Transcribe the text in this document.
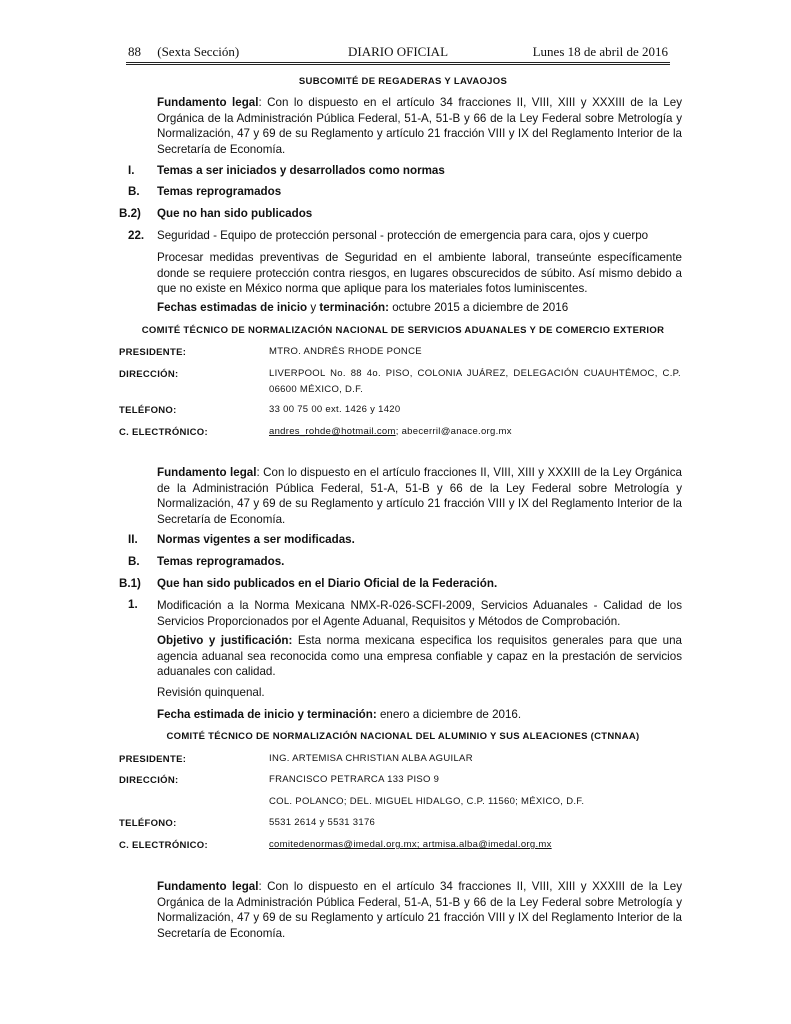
88 (Sexta Sección)	DIARIO OFICIAL	Lunes 18 de abril de 2016
SUBCOMITÉ DE REGADERAS Y LAVAOJOS
Fundamento legal: Con lo dispuesto en el artículo 34 fracciones II, VIII, XIII y XXXIII de la Ley Orgánica de la Administración Pública Federal, 51-A, 51-B y 66 de la Ley Federal sobre Metrología y Normalización, 47 y 69 de su Reglamento y artículo 21 fracción VIII y IX del Reglamento Interior de la Secretaría de Economía.
I. Temas a ser iniciados y desarrollados como normas
B. Temas reprogramados
B.2) Que no han sido publicados
22. Seguridad - Equipo de protección personal - protección de emergencia para cara, ojos y cuerpo
Procesar medidas preventivas de Seguridad en el ambiente laboral, transeúnte específicamente donde se requiere protección contra riesgos, en lugares obscurecidos de súbito. Así mismo debido a que no existe en México norma que aplique para los materiales fotos luminiscentes.
Fechas estimadas de inicio y terminación: octubre 2015 a diciembre de 2016
COMITÉ TÉCNICO DE NORMALIZACIÓN NACIONAL DE SERVICIOS ADUANALES Y DE COMERCIO EXTERIOR
PRESIDENTE:	MTRO. ANDRÉS RHODE PONCE
DIRECCIÓN:	LIVERPOOL No. 88 4o. PISO, COLONIA JUÁREZ, DELEGACIÓN CUAUHTÉMOC, C.P. 06600 MÉXICO, D.F.
TELÉFONO:	33 00 75 00 ext. 1426 y 1420
C. ELECTRÓNICO:	andres_rohde@hotmail.com; abecerril@anace.org.mx
Fundamento legal: Con lo dispuesto en el artículo fracciones II, VIII, XIII y XXXIII de la Ley Orgánica de la Administración Pública Federal, 51-A, 51-B y 66 de la Ley Federal sobre Metrología y Normalización, 47 y 69 de su Reglamento y artículo 21 fracción VIII y IX del Reglamento Interior de la Secretaría de Economía.
II. Normas vigentes a ser modificadas.
B. Temas reprogramados.
B.1) Que han sido publicados en el Diario Oficial de la Federación.
1. Modificación a la Norma Mexicana NMX-R-026-SCFI-2009, Servicios Aduanales - Calidad de los Servicios Proporcionados por el Agente Aduanal, Requisitos y Métodos de Comprobación.
Objetivo y justificación: Esta norma mexicana especifica los requisitos generales para que una agencia aduanal sea reconocida como una empresa confiable y capaz en la prestación de servicios aduanales con calidad.
Revisión quinquenal.
Fecha estimada de inicio y terminación: enero a diciembre de 2016.
COMITÉ TÉCNICO DE NORMALIZACIÓN NACIONAL DEL ALUMINIO Y SUS ALEACIONES (CTNNAA)
PRESIDENTE:	ING. ARTEMISA CHRISTIAN ALBA AGUILAR
DIRECCIÓN:	FRANCISCO PETRARCA 133 PISO 9
COL. POLANCO; DEL. MIGUEL HIDALGO, C.P. 11560; MÉXICO, D.F.
TELÉFONO:	5531 2614 y 5531 3176
C. ELECTRÓNICO:	comitedenormas@imedal.org.mx; artmisa.alba@imedal.org.mx
Fundamento legal: Con lo dispuesto en el artículo 34 fracciones II, VIII, XIII y XXXIII de la Ley Orgánica de la Administración Pública Federal, 51-A, 51-B y 66 de la Ley Federal sobre Metrología y Normalización, 47 y 69 de su Reglamento y artículo 21 fracción VIII y IX del Reglamento Interior de la Secretaría de Economía.
